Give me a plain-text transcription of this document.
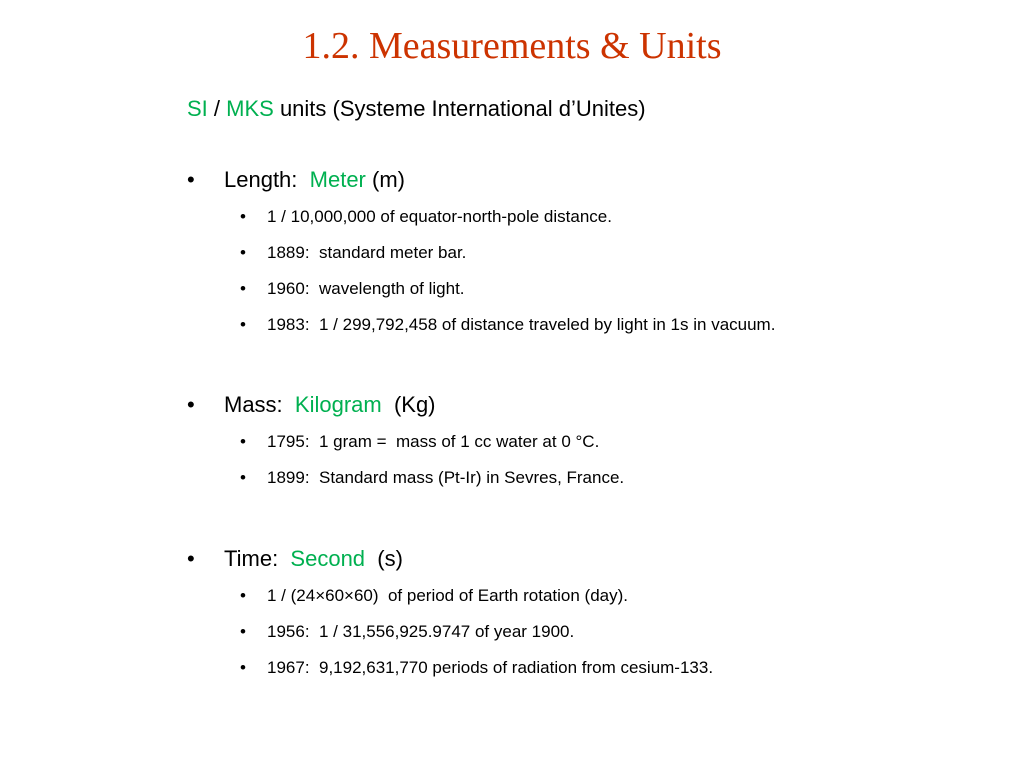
1.2. Measurements & Units
SI / MKS units (Systeme International d’Unites)
• Length:  Meter (m)
• 1 / 10,000,000 of equator-north-pole distance.
• 1889:  standard meter bar.
• 1960:  wavelength of light.
• 1983:  1 / 299,792,458 of distance traveled by light in 1s in vacuum.
• Mass:  Kilogram  (Kg)
• 1795:  1 gram =  mass of 1 cc water at 0 °C.
• 1899:  Standard mass (Pt-Ir) in Sevres, France.
• Time:  Second  (s)
• 1 / (24×60×60)  of period of Earth rotation (day).
• 1956:  1 / 31,556,925.9747 of year 1900.
• 1967:  9,192,631,770 periods of radiation from cesium-133.
